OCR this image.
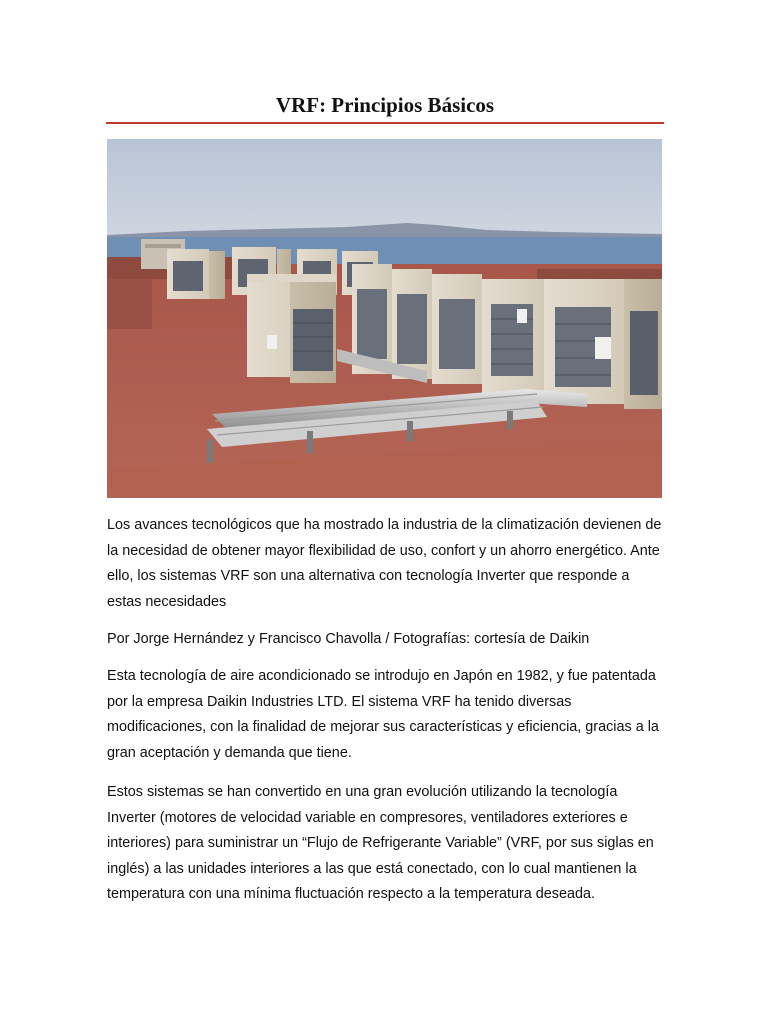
VRF: Principios Básicos

Los avances tecnológicos que ha mostrado la industria de la climatización devienen de la necesidad de obtener mayor flexibilidad de uso, confort y un ahorro energético. Ante ello, los sistemas VRF son una alternativa con tecnología Inverter que responde a estas necesidades

Por Jorge Hernández y Francisco Chavolla / Fotografías: cortesía de Daikin

Esta tecnología de aire acondicionado se introdujo en Japón en 1982, y fue patentada por la empresa Daikin Industries LTD. El sistema VRF ha tenido diversas modificaciones, con la finalidad de mejorar sus características y eficiencia, gracias a la gran aceptación y demanda que tiene.

Estos sistemas se han convertido en una gran evolución utilizando la tecnología Inverter (motores de velocidad variable en compresores, ventiladores exteriores e interiores) para suministrar un “Flujo de Refrigerante Variable” (VRF, por sus siglas en inglés) a las unidades interiores a las que está conectado, con lo cual mantienen la temperatura con una mínima fluctuación respecto a la temperatura deseada.
